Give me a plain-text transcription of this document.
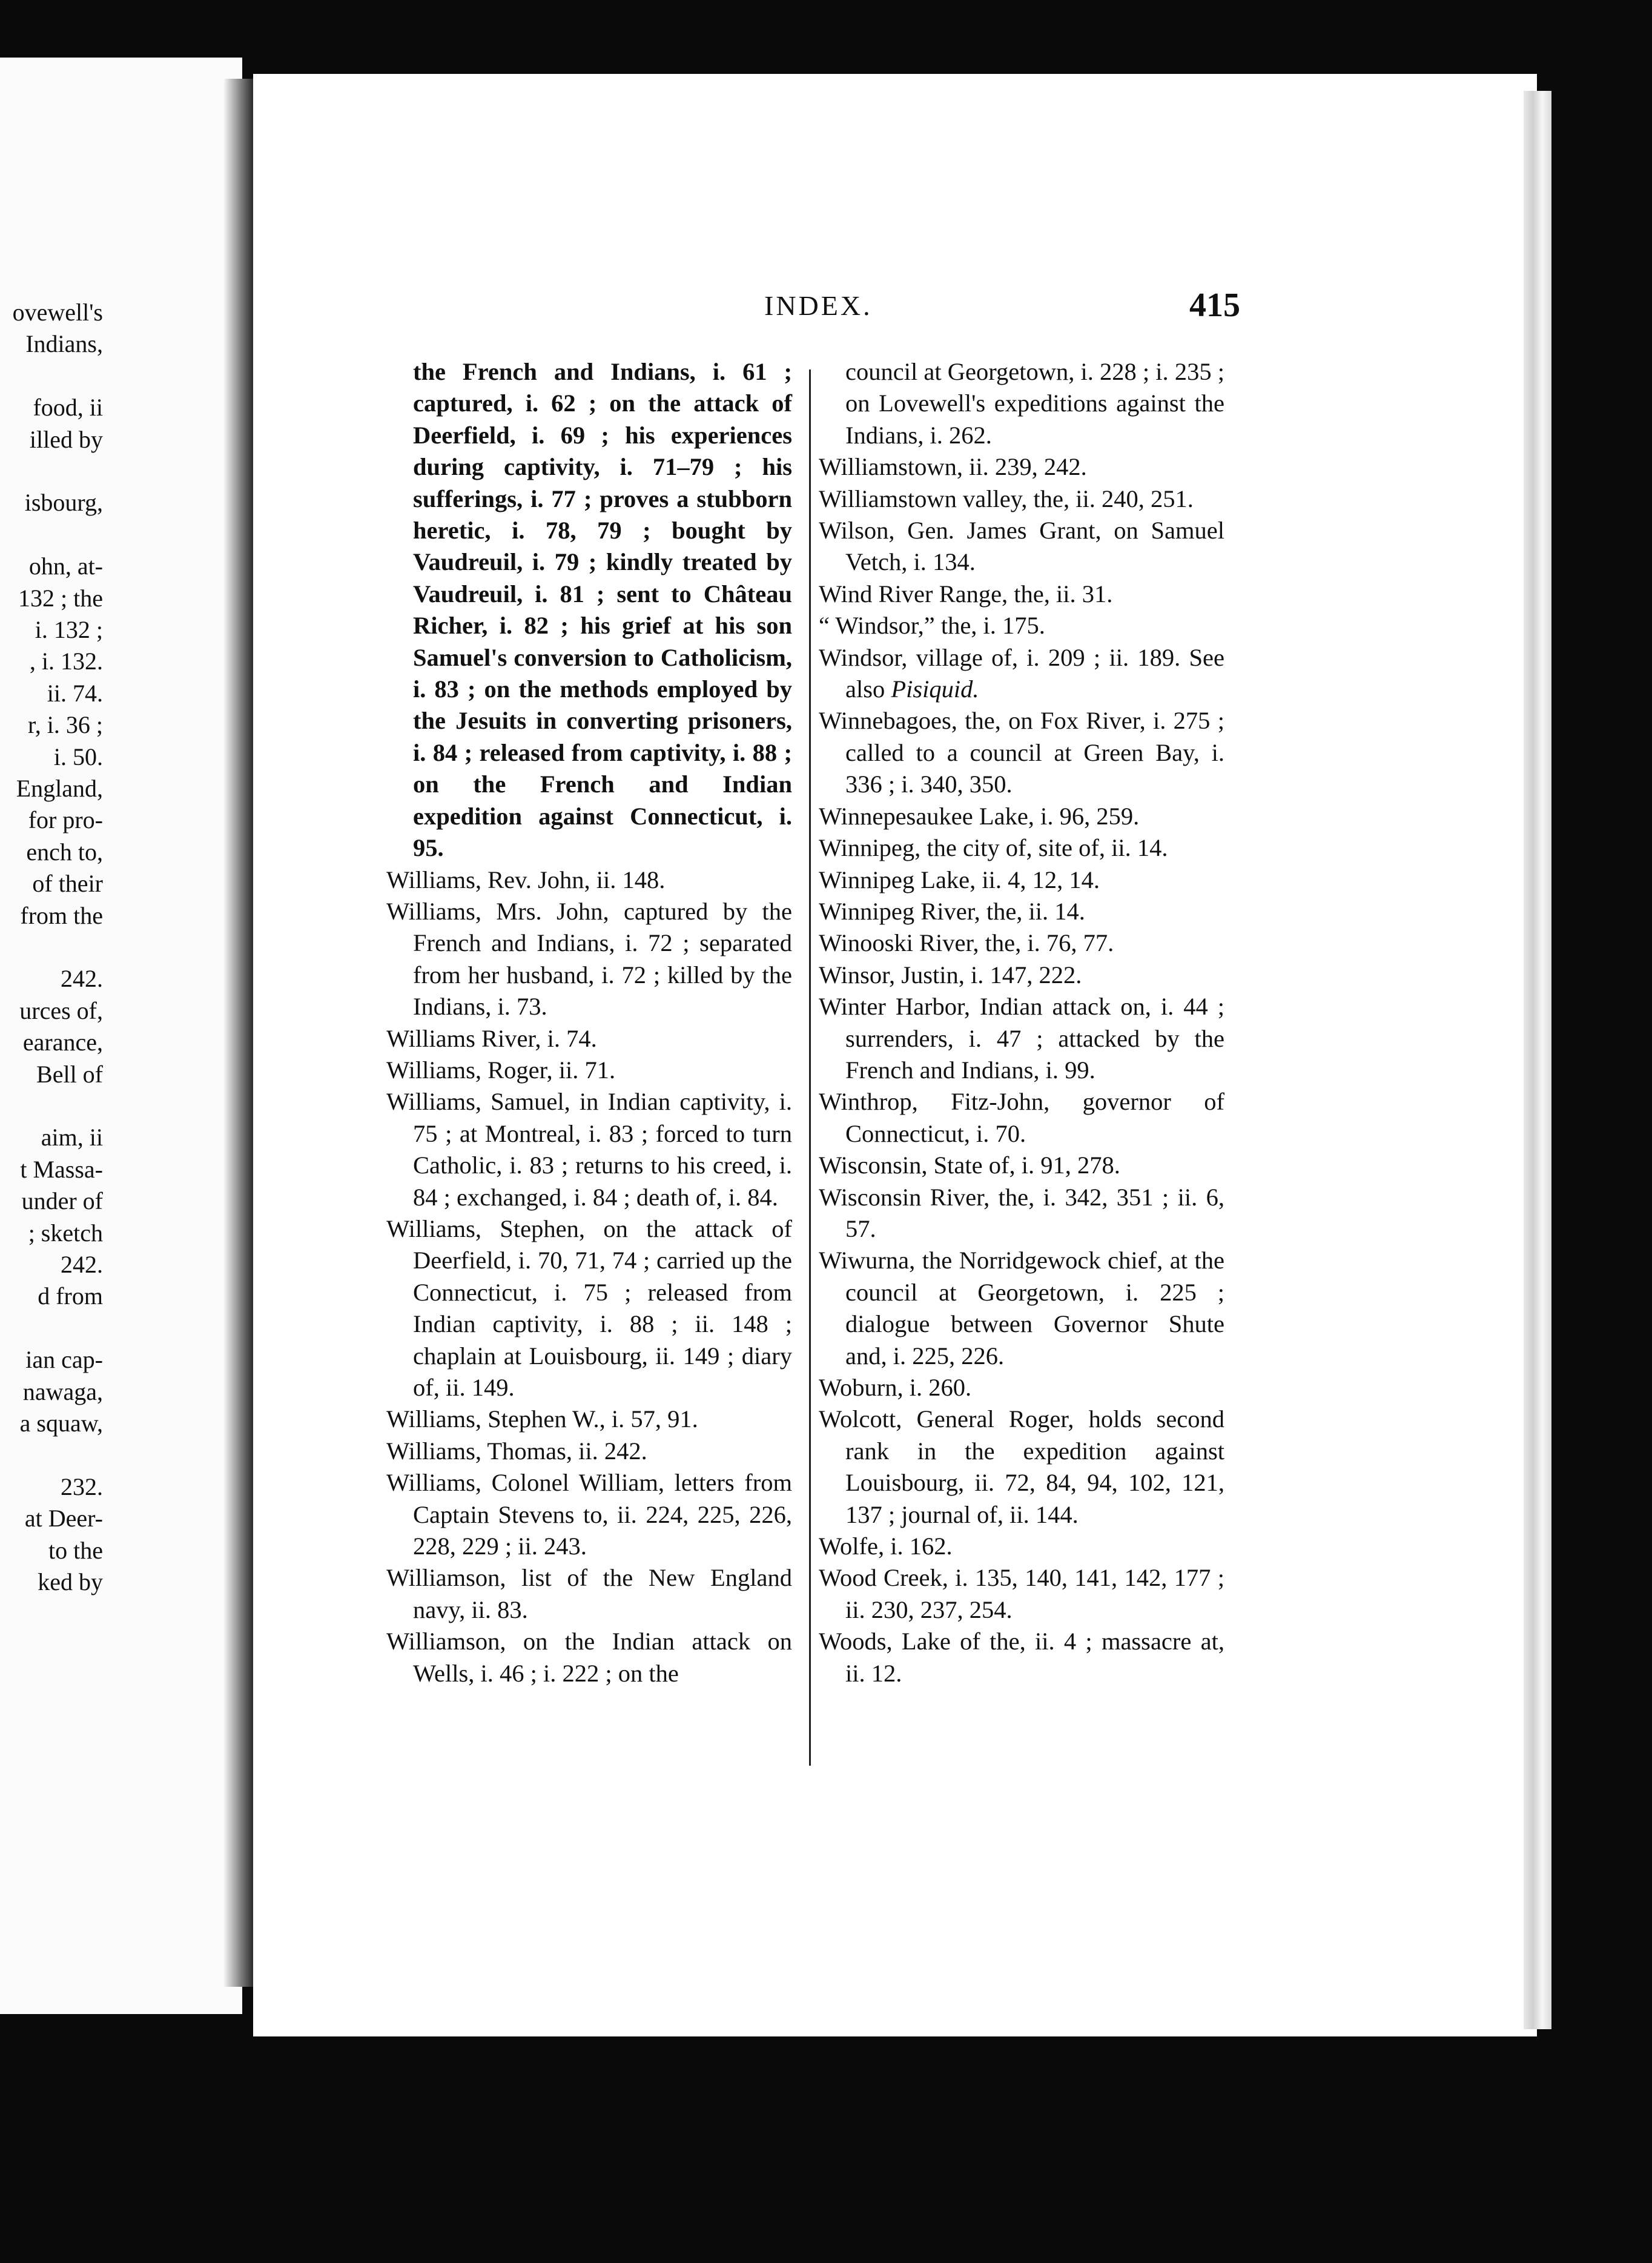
ovewell's
Indians,
food, ii
illed by
isbourg,
ohn, at-
132 ; the
i. 132 ;
, i. 132.
ii. 74.
r, i. 36 ;
i. 50.
England,
for pro-
ench to,
of their
from the
242.
urces of,
earance,
Bell of
aim, ii
t Massa-
under of
; sketch
242.
d from
ian cap-
nawaga,
a squaw,
232.
at Deer-
to the
ked by
INDEX.	415
the French and Indians, i. 61 ; captured, i. 62 ; on the attack of Deerfield, i. 69 ; his experiences during captivity, i. 71–79 ; his sufferings, i. 77 ; proves a stubborn heretic, i. 78, 79 ; bought by Vaudreuil, i. 79 ; kindly treated by Vaudreuil, i. 81 ; sent to Château Richer, i. 82 ; his grief at his son Samuel's conversion to Catholicism, i. 83 ; on the methods employed by the Jesuits in converting prisoners, i. 84 ; released from captivity, i. 88 ; on the French and Indian expedition against Connecticut, i. 95.
Williams, Rev. John, ii. 148.
Williams, Mrs. John, captured by the French and Indians, i. 72 ; separated from her husband, i. 72 ; killed by the Indians, i. 73.
Williams River, i. 74.
Williams, Roger, ii. 71.
Williams, Samuel, in Indian captivity, i. 75 ; at Montreal, i. 83 ; forced to turn Catholic, i. 83 ; returns to his creed, i. 84 ; exchanged, i. 84 ; death of, i. 84.
Williams, Stephen, on the attack of Deerfield, i. 70, 71, 74 ; carried up the Connecticut, i. 75 ; released from Indian captivity, i. 88 ; ii. 148 ; chaplain at Louisbourg, ii. 149 ; diary of, ii. 149.
Williams, Stephen W., i. 57, 91.
Williams, Thomas, ii. 242.
Williams, Colonel William, letters from Captain Stevens to, ii. 224, 225, 226, 228, 229 ; ii. 243.
Williamson, list of the New England navy, ii. 83.
Williamson, on the Indian attack on Wells, i. 46 ; i. 222 ; on the
council at Georgetown, i. 228 ; i. 235 ; on Lovewell's expeditions against the Indians, i. 262.
Williamstown, ii. 239, 242.
Williamstown valley, the, ii. 240, 251.
Wilson, Gen. James Grant, on Samuel Vetch, i. 134.
Wind River Range, the, ii. 31.
“ Windsor,” the, i. 175.
Windsor, village of, i. 209 ; ii. 189. See also Pisiquid.
Winnebagoes, the, on Fox River, i. 275 ; called to a council at Green Bay, i. 336 ; i. 340, 350.
Winnepesaukee Lake, i. 96, 259.
Winnipeg, the city of, site of, ii. 14.
Winnipeg Lake, ii. 4, 12, 14.
Winnipeg River, the, ii. 14.
Winooski River, the, i. 76, 77.
Winsor, Justin, i. 147, 222.
Winter Harbor, Indian attack on, i. 44 ; surrenders, i. 47 ; attacked by the French and Indians, i. 99.
Winthrop, Fitz-John, governor of Connecticut, i. 70.
Wisconsin, State of, i. 91, 278.
Wisconsin River, the, i. 342, 351 ; ii. 6, 57.
Wiwurna, the Norridgewock chief, at the council at Georgetown, i. 225 ; dialogue between Governor Shute and, i. 225, 226.
Woburn, i. 260.
Wolcott, General Roger, holds second rank in the expedition against Louisbourg, ii. 72, 84, 94, 102, 121, 137 ; journal of, ii. 144.
Wolfe, i. 162.
Wood Creek, i. 135, 140, 141, 142, 177 ; ii. 230, 237, 254.
Woods, Lake of the, ii. 4 ; massacre at, ii. 12.
